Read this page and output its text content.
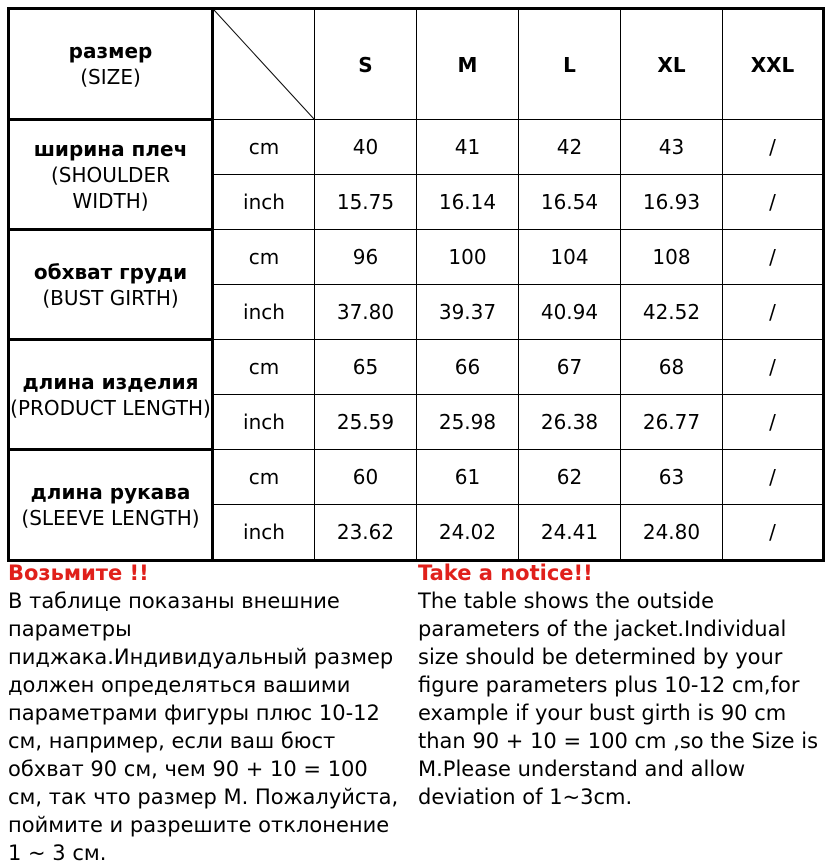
размер
(SIZE)		S	M	L	XL	XXL

ширина плеч
(SHOULDER WIDTH)	cm	40	41	42	43	/
	inch	15.75	16.14	16.54	16.93	/

обхват груди
(BUST GIRTH)	cm	96	100	104	108	/
	inch	37.80	39.37	40.94	42.52	/

длина изделия
(PRODUCT LENGTH)	cm	65	66	67	68	/
	inch	25.59	25.98	26.38	26.77	/

длина рукава
(SLEEVE LENGTH)	cm	60	61	62	63	/
	inch	23.62	24.02	24.41	24.80	/
Возьмите !!
В таблице показаны внешние параметры пиджака.Индивидуальный размер должен определяться вашими параметрами фигуры плюс 10-12 см, например, если ваш бюст обхват 90 см, чем 90 + 10 = 100 см, так что размер M. Пожалуйста, поймите и разрешите отклонение 1 ~ 3 см.
Take a notice!!
The table shows the outside parameters of the jacket.Individual size should be determined by your figure parameters plus 10-12 cm,for example if your bust girth is 90 cm than 90 + 10 = 100 cm ,so the Size is M.Please understand and allow deviation of 1~3cm.
